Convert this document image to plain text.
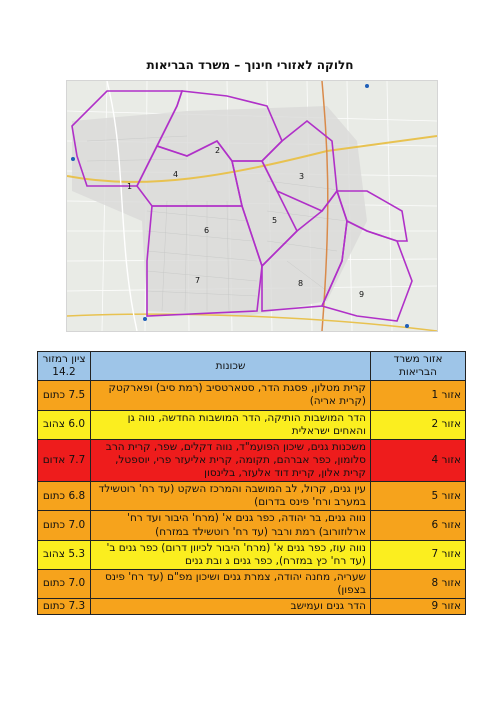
חלוקה לאזורי חינוך – משרד הבריאות
1
2
3
4
5
6
7	8
9
אזור משרד הבריאות	שכונות	ציון רמזור 14.2
אזור 1	קרית מטלון, פסגת הדר, סטארטסיב (רמת סיב) ופארקטק (קרית אריה)	7.5 כתום
אזור 2	הדר המושבות הותיקה, הדר המושבות החדשה, נווה גן והאחים ישראלית	6.0 צהוב
אזור 4	משכנות גנים, שיכון הפועמ"ד, נווה דקלים, שפר, קרית הרב סלומון, כפר אברהם, תקומה, קרית אליעזר פרי, יוספטל, קרית אלון, קרית דוד אלעזר, בלינסון	7.7 אדום
אזור 5	עין גנים, קרול, לב המושבה והמרכז השקט (עד רח' רוטשילד במערב ורח' פינס בדרום)	6.8 כתום
אזור 6	נווה גנים, בר יהודה, כפר גנים א' (מרח' היבור ועד רח' ארלוזורוב) רמת ורבר (עד רח' רוטשילד במזרח)	7.0 כתום
אזור 7	נווה עוז, כפר גנים א' (מרח' היבור לכיוון דרום) כפר גנים ב' (עד רח' כץ במזרח), כפר גנים ג ובת גנים	5.3 צהוב
אזור 8	שעריה, מחנה יהודה, צמרת גנים ושיכון מפ"ם (עד רח' פינס בצפון)	7.0 כתום
אזור 9	הדר גנים ועמישב	7.3 כתום
